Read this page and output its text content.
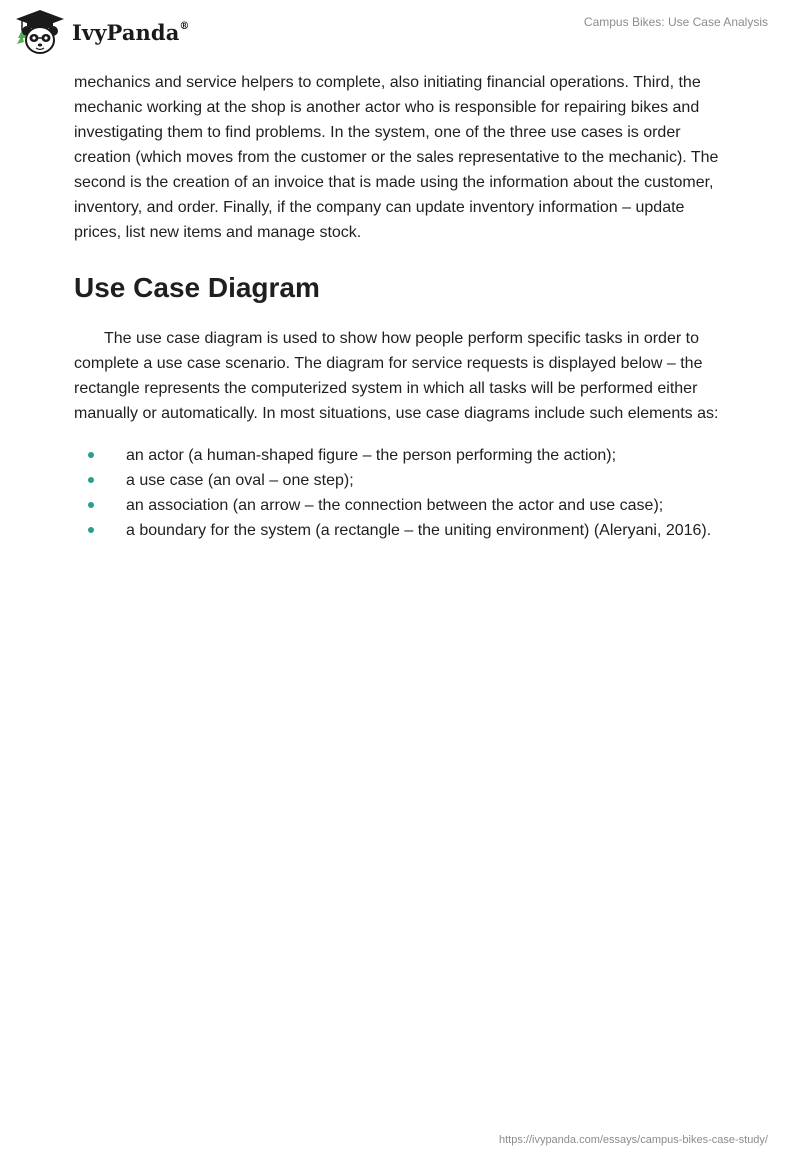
IvyPanda®	Campus Bikes: Use Case Analysis

mechanics and service helpers to complete, also initiating financial operations. Third, the mechanic working at the shop is another actor who is responsible for repairing bikes and investigating them to find problems. In the system, one of the three use cases is order creation (which moves from the customer or the sales representative to the mechanic). The second is the creation of an invoice that is made using the information about the customer, inventory, and order. Finally, if the company can update inventory information – update prices, list new items and manage stock.

Use Case Diagram

The use case diagram is used to show how people perform specific tasks in order to complete a use case scenario. The diagram for service requests is displayed below – the rectangle represents the computerized system in which all tasks will be performed either manually or automatically. In most situations, use case diagrams include such elements as:

an actor (a human-shaped figure – the person performing the action);
a use case (an oval – one step);
an association (an arrow – the connection between the actor and use case);
a boundary for the system (a rectangle – the uniting environment) (Aleryani, 2016).
https://ivypanda.com/essays/campus-bikes-case-study/
